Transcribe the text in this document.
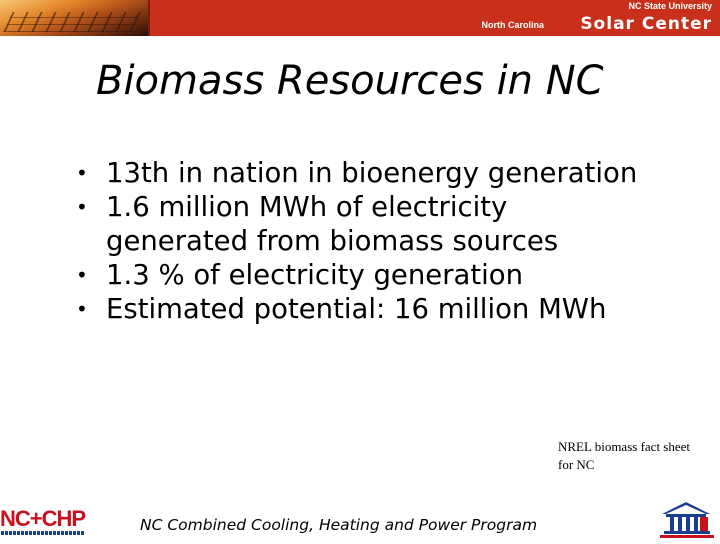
NC State University
North Carolina Solar Center
Biomass Resources in NC
• 13th in nation in bioenergy generation
• 1.6 million MWh of electricity generated from biomass sources
• 1.3 % of electricity generation
• Estimated potential: 16 million MWh
NREL biomass fact sheet for NC
NC+CHP	NC Combined Cooling, Heating and Power Program
